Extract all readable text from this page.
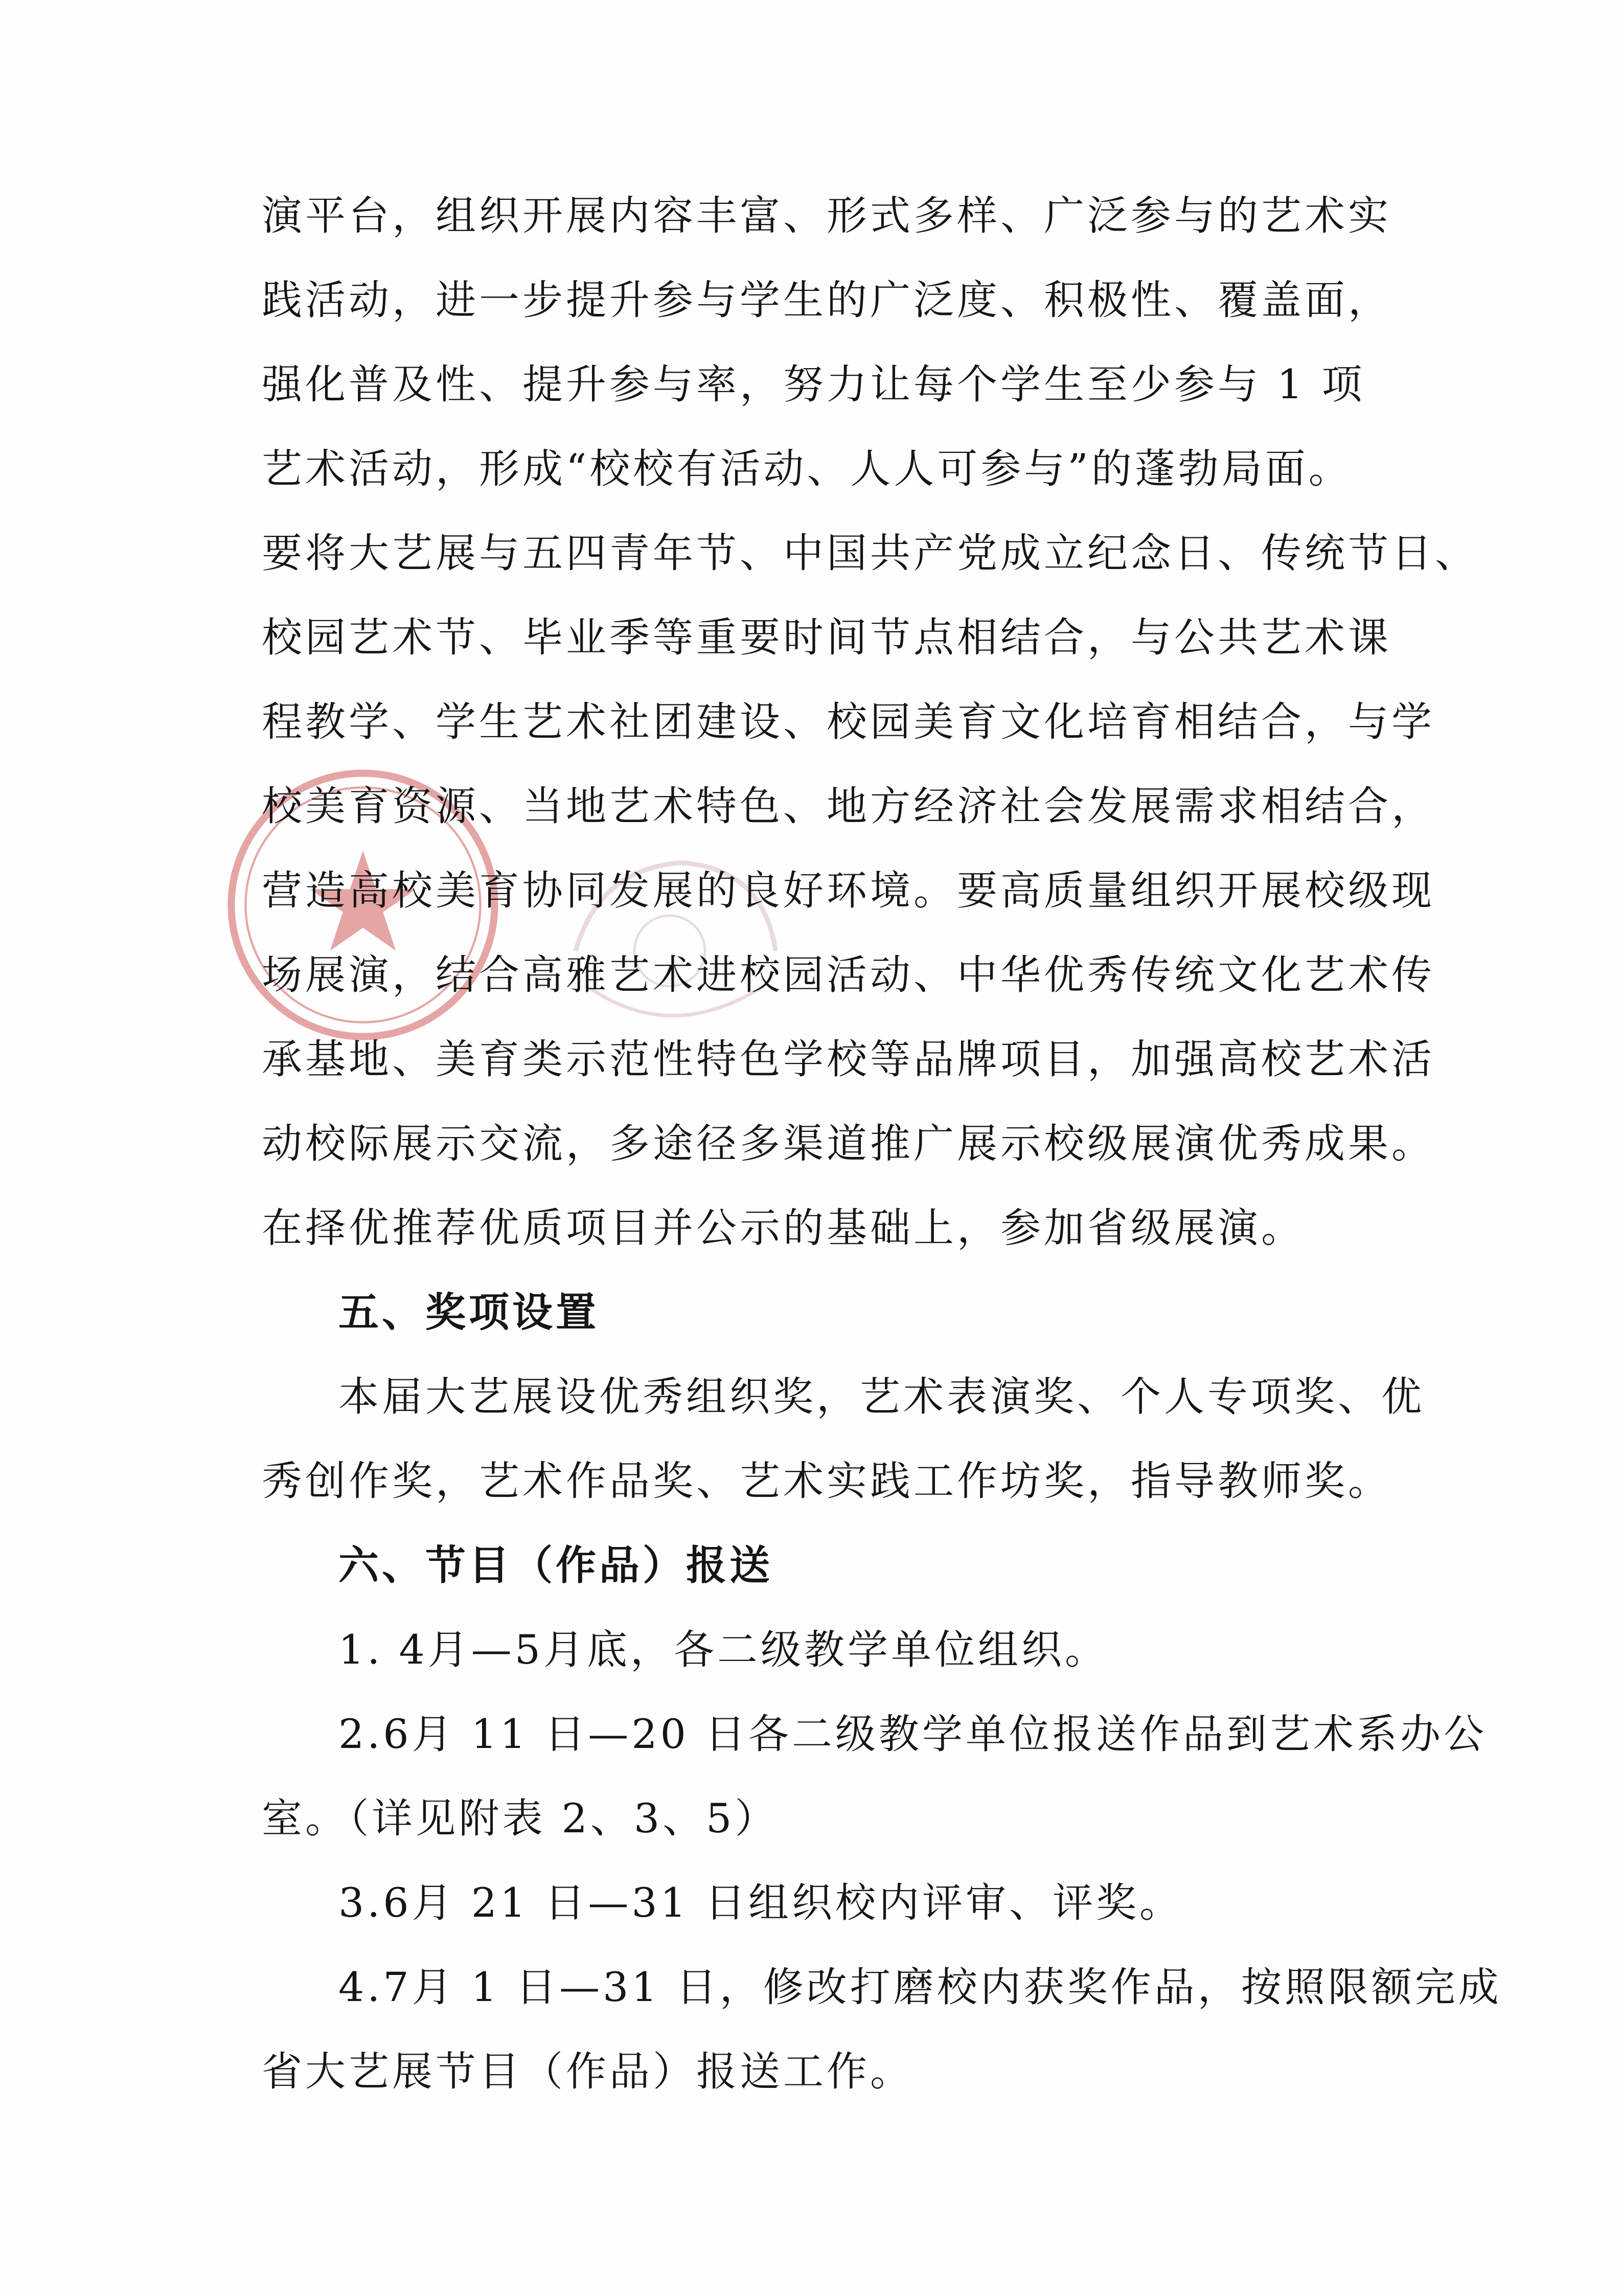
演平台，组织开展内容丰富、形式多样、广泛参与的艺术实

践活动，进一步提升参与学生的广泛度、积极性、覆盖面，

强化普及性、提升参与率，努力让每个学生至少参与 1 项

艺术活动，形成“校校有活动、人人可参与”的蓬勃局面。

要将大艺展与五四青年节、中国共产党成立纪念日、传统节日、

校园艺术节、毕业季等重要时间节点相结合，与公共艺术课

程教学、学生艺术社团建设、校园美育文化培育相结合，与学

校美育资源、当地艺术特色、地方经济社会发展需求相结合，

营造高校美育协同发展的良好环境。要高质量组织开展校级现

场展演，结合高雅艺术进校园活动、中华优秀传统文化艺术传

承基地、美育类示范性特色学校等品牌项目，加强高校艺术活

动校际展示交流，多途径多渠道推广展示校级展演优秀成果。

在择优推荐优质项目并公示的基础上，参加省级展演。

五、奖项设置

本届大艺展设优秀组织奖，艺术表演奖、个人专项奖、优

秀创作奖，艺术作品奖、艺术实践工作坊奖，指导教师奖。

六、节目（作品）报送

1. 4月—5月底，各二级教学单位组织。

2.6月 11 日—20 日各二级教学单位报送作品到艺术系办公

室。（详见附表 2、3、5）

3.6月 21 日—31 日组织校内评审、评奖。

4.7月 1 日—31 日，修改打磨校内获奖作品，按照限额完成

省大艺展节目（作品）报送工作。
